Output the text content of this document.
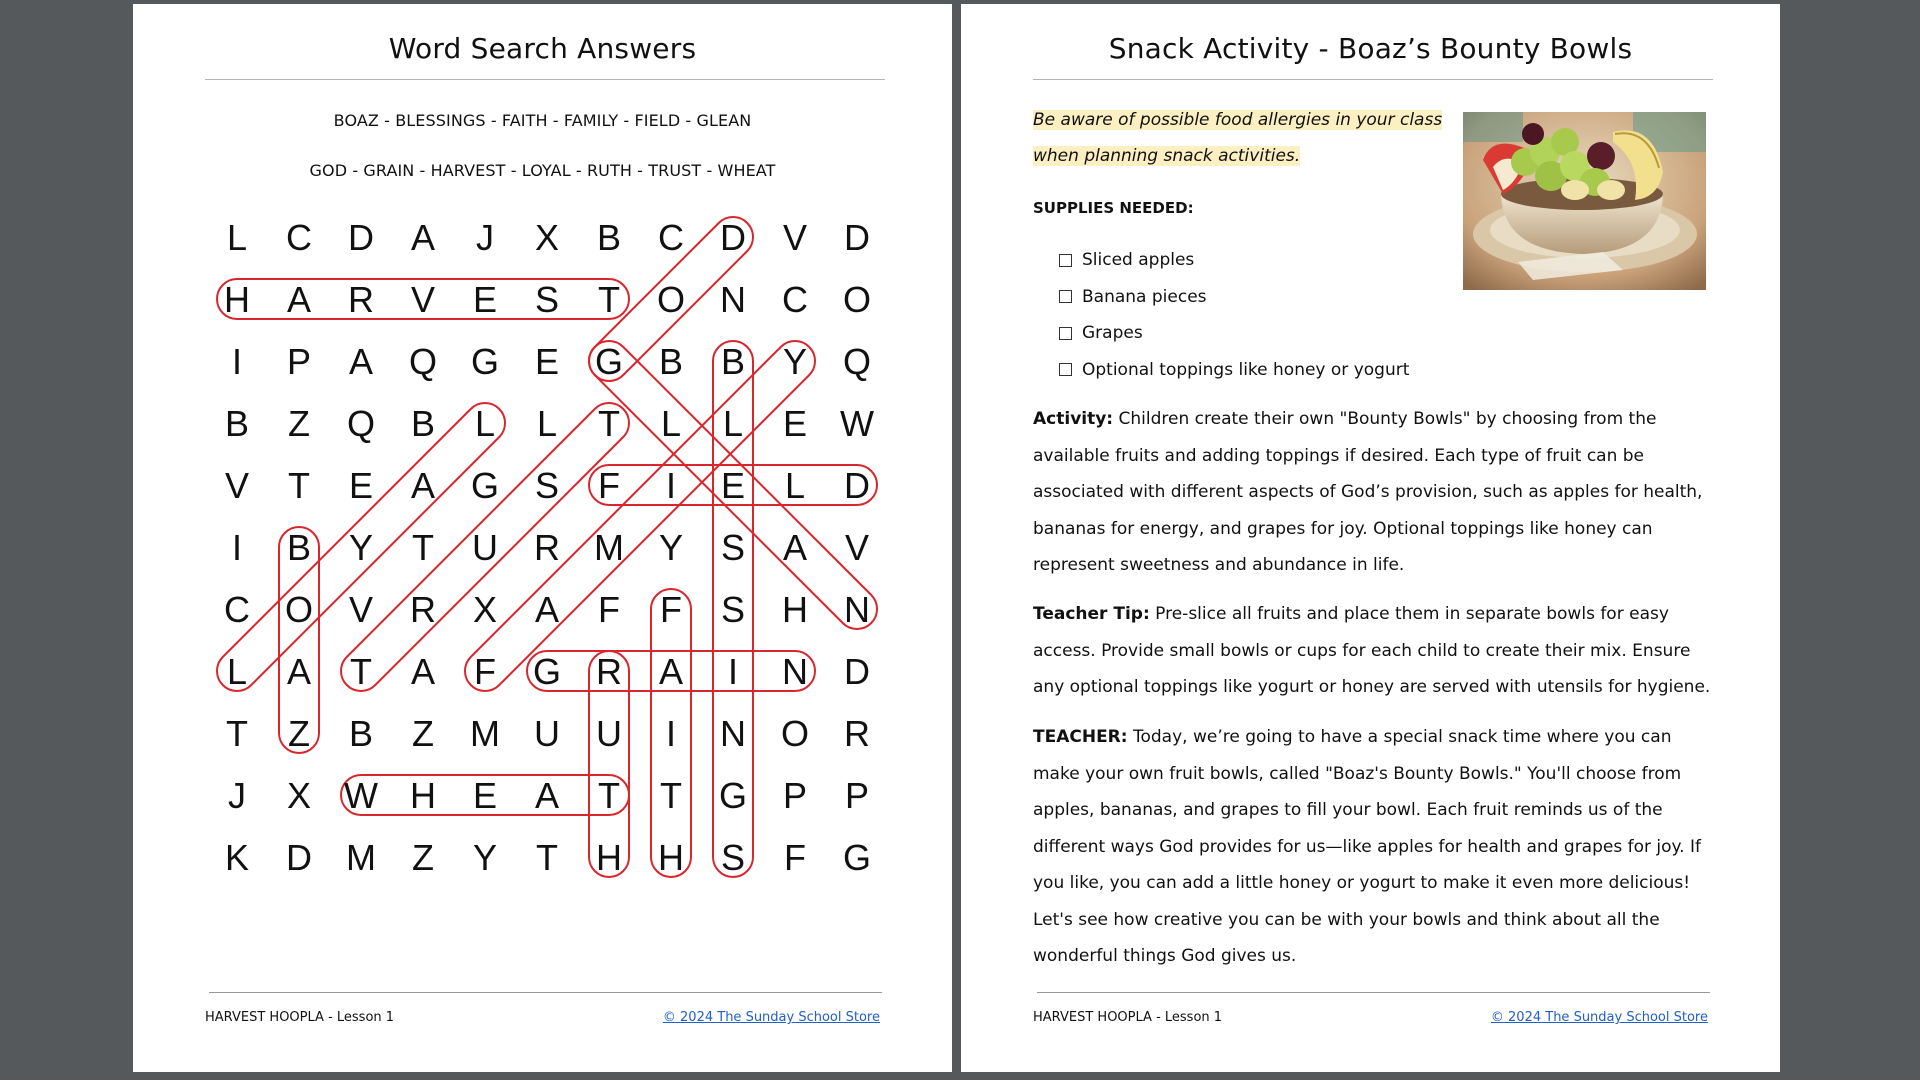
Word Search Answers
BOAZ - BLESSINGS - FAITH - FAMILY - FIELD - GLEAN
GOD - GRAIN - HARVEST - LOYAL - RUTH - TRUST - WHEAT
L C D A J X B C D V D
H A R V E S T O N C O
I P A Q G E G B B Y Q
B Z Q B L L T L L E W
V T E A G S F I E L D
I B Y T U R M Y S A V
C O V R X A F F S H N
L A T A F G R A I N D
T Z B Z M U U I N O R
J X W H E A T T G P P
K D M Z Y T H H S F G
HARVEST HOOPLA - Lesson 1	© 2024 The Sunday School Store
Snack Activity - Boaz’s Bounty Bowls
Be aware of possible food allergies in your class when planning snack activities.
SUPPLIES NEEDED:
Sliced apples
Banana pieces
Grapes
Optional toppings like honey or yogurt
Activity: Children create their own "Bounty Bowls" by choosing from the available fruits and adding toppings if desired. Each type of fruit can be associated with different aspects of God’s provision, such as apples for health, bananas for energy, and grapes for joy. Optional toppings like honey can represent sweetness and abundance in life.
Teacher Tip: Pre-slice all fruits and place them in separate bowls for easy access. Provide small bowls or cups for each child to create their mix. Ensure any optional toppings like yogurt or honey are served with utensils for hygiene.
TEACHER: Today, we’re going to have a special snack time where you can make your own fruit bowls, called "Boaz's Bounty Bowls." You'll choose from apples, bananas, and grapes to fill your bowl. Each fruit reminds us of the different ways God provides for us—like apples for health and grapes for joy. If you like, you can add a little honey or yogurt to make it even more delicious! Let's see how creative you can be with your bowls and think about all the wonderful things God gives us.
HARVEST HOOPLA - Lesson 1	© 2024 The Sunday School Store
